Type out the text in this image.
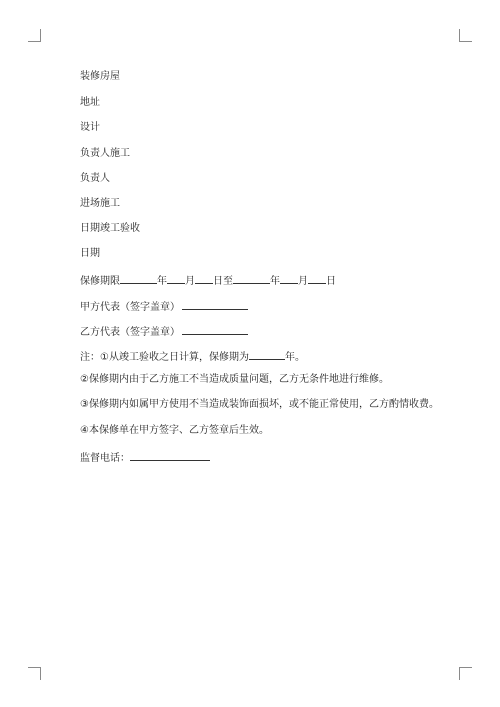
装修房屋
地址
设计
负责人施工
负责人
进场施工
日期竣工验收
日期
保修期限	年 月 日至	年 月 日
甲方代表（签字盖章）
乙方代表（签字盖章）
注：①从竣工验收之日计算，保修期为	年。
②保修期内由于乙方施工不当造成质量问题，乙方无条件地进行维修。
③保修期内如属甲方使用不当造成装饰面损坏，或不能正常使用，乙方酌情收费。
④本保修单在甲方签字、乙方签章后生效。
监督电话：
